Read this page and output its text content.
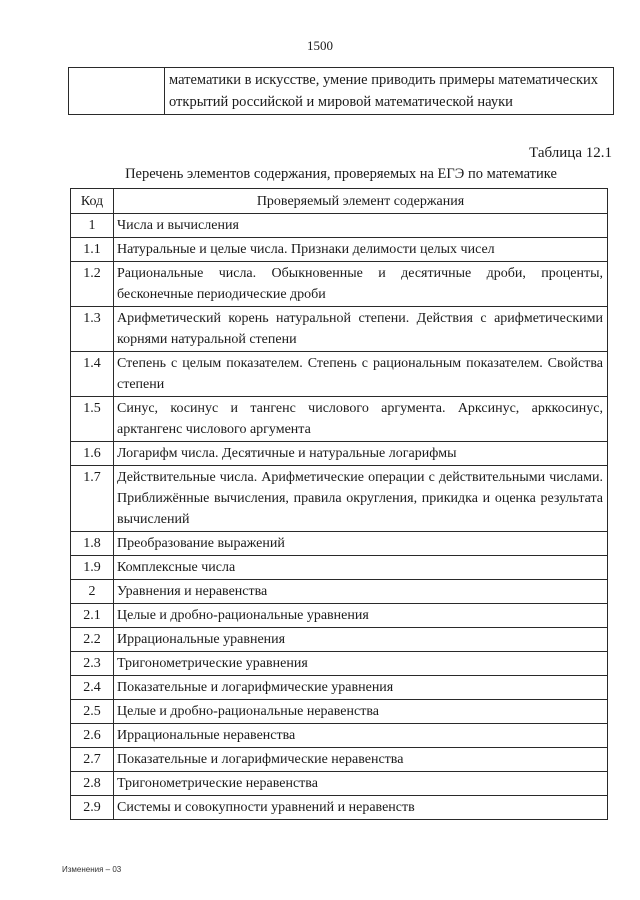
1500
	математики в искусстве, умение приводить примеры математических открытий российской и мировой математической науки
Таблица 12.1
Перечень элементов содержания, проверяемых на ЕГЭ по математике
Код	Проверяемый элемент содержания
1	Числа и вычисления
1.1	Натуральные и целые числа. Признаки делимости целых чисел
1.2	Рациональные числа. Обыкновенные и десятичные дроби, проценты, бесконечные периодические дроби
1.3	Арифметический корень натуральной степени. Действия с арифметическими корнями натуральной степени
1.4	Степень с целым показателем. Степень с рациональным показателем. Свойства степени
1.5	Синус, косинус и тангенс числового аргумента. Арксинус, арккосинус, арктангенс числового аргумента
1.6	Логарифм числа. Десятичные и натуральные логарифмы
1.7	Действительные числа. Арифметические операции с действительными числами. Приближённые вычисления, правила округления, прикидка и оценка результата вычислений
1.8	Преобразование выражений
1.9	Комплексные числа
2	Уравнения и неравенства
2.1	Целые и дробно-рациональные уравнения
2.2	Иррациональные уравнения
2.3	Тригонометрические уравнения
2.4	Показательные и логарифмические уравнения
2.5	Целые и дробно-рациональные неравенства
2.6	Иррациональные неравенства
2.7	Показательные и логарифмические неравенства
2.8	Тригонометрические неравенства
2.9	Системы и совокупности уравнений и неравенств
Изменения – 03
